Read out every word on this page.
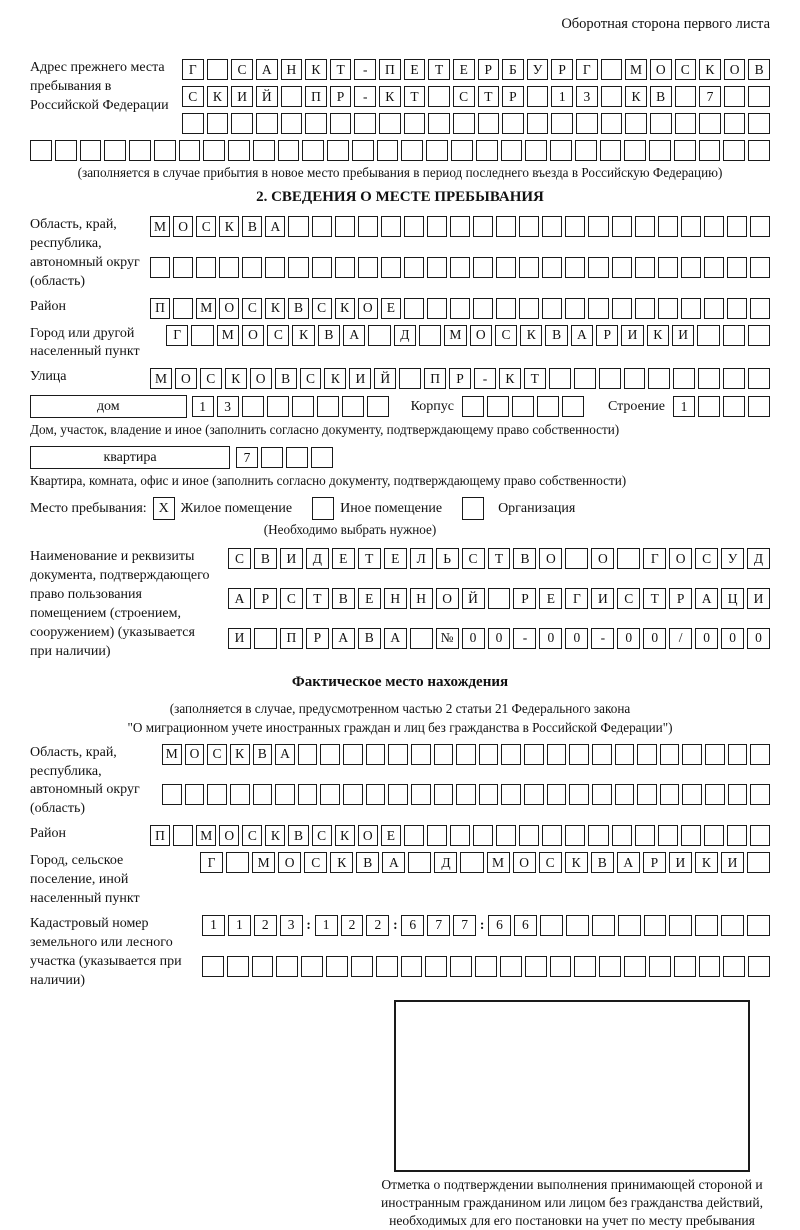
Оборотная сторона первого листа
Адрес прежнего места пребывания в Российской Федерации
Г	С	А	Н	К	Т	-	П	Е	Т	Е	Р	Б	У	Р	Г	М	О	С	К	О	В
С	К	И	Й	П	Р	-	К	Т	С	Т	Р	1	3	К	В	7
(заполняется в случае прибытия в новое место пребывания в период последнего въезда в Российскую Федерацию)
2. СВЕДЕНИЯ О МЕСТЕ ПРЕБЫВАНИЯ
Область, край, республика, автономный округ (область)
М О	С	К	В	А
Район	П	М О	С	К	В	С	К	О	Е
Город или другой населенный пункт
Г	М	О	С	К	В	А	Д	М	О	С	К	В	А	Р	И	К	И
Улица	М	О	С	К	О	В	С	К	И	Й	П	Р	-	К	Т
дом	1	3	Корпус	Строение	1
Дом, участок, владение и иное (заполнить согласно документу, подтверждающему право собственности)
квартира	7
Квартира, комната, офис и иное (заполнить согласно документу, подтверждающему право собственности)
Место пребывания: X Жилое помещение	Иное помещение	Организация
(Необходимо выбрать нужное)
Наименование и реквизиты документа, подтверждающего право пользования помещением (строением, сооружением) (указывается при наличии)
С	В	И	Д	Е	Т	Е	Л	Ь	С	Т	В	О	О	Г	О	С	У	Д
А	Р	С	Т	В	Е	Н	Н	О	Й	Р	Е	Г	И	С	Т	Р	А	Ц	И
И	П	Р	А	В	А	№	0	0	-	0	0	-	0	0	/	0	0	0
Фактическое место нахождения
(заполняется в случае, предусмотренном частью 2 статьи 21 Федерального закона
"О миграционном учете иностранных граждан и лиц без гражданства в Российской Федерации")
Область, край, республика, автономный округ (область)
М О С	К	В А
Район	П	М О	С	К	В	С	К	О	Е
Город, сельское поселение, иной населенный пункт
Г	М	О	С	К	В	А	Д	М	О	С	К	В	А	Р	И	К	И
Кадастровый номер земельного или лесного участка (указывается при наличии)
1	1	2	3 : 1	2	2 : 6	7	7 : 6	6
Отметка о подтверждении выполнения принимающей стороной и иностранным гражданином или лицом без гражданства действий, необходимых для его постановки на учет по месту пребывания
